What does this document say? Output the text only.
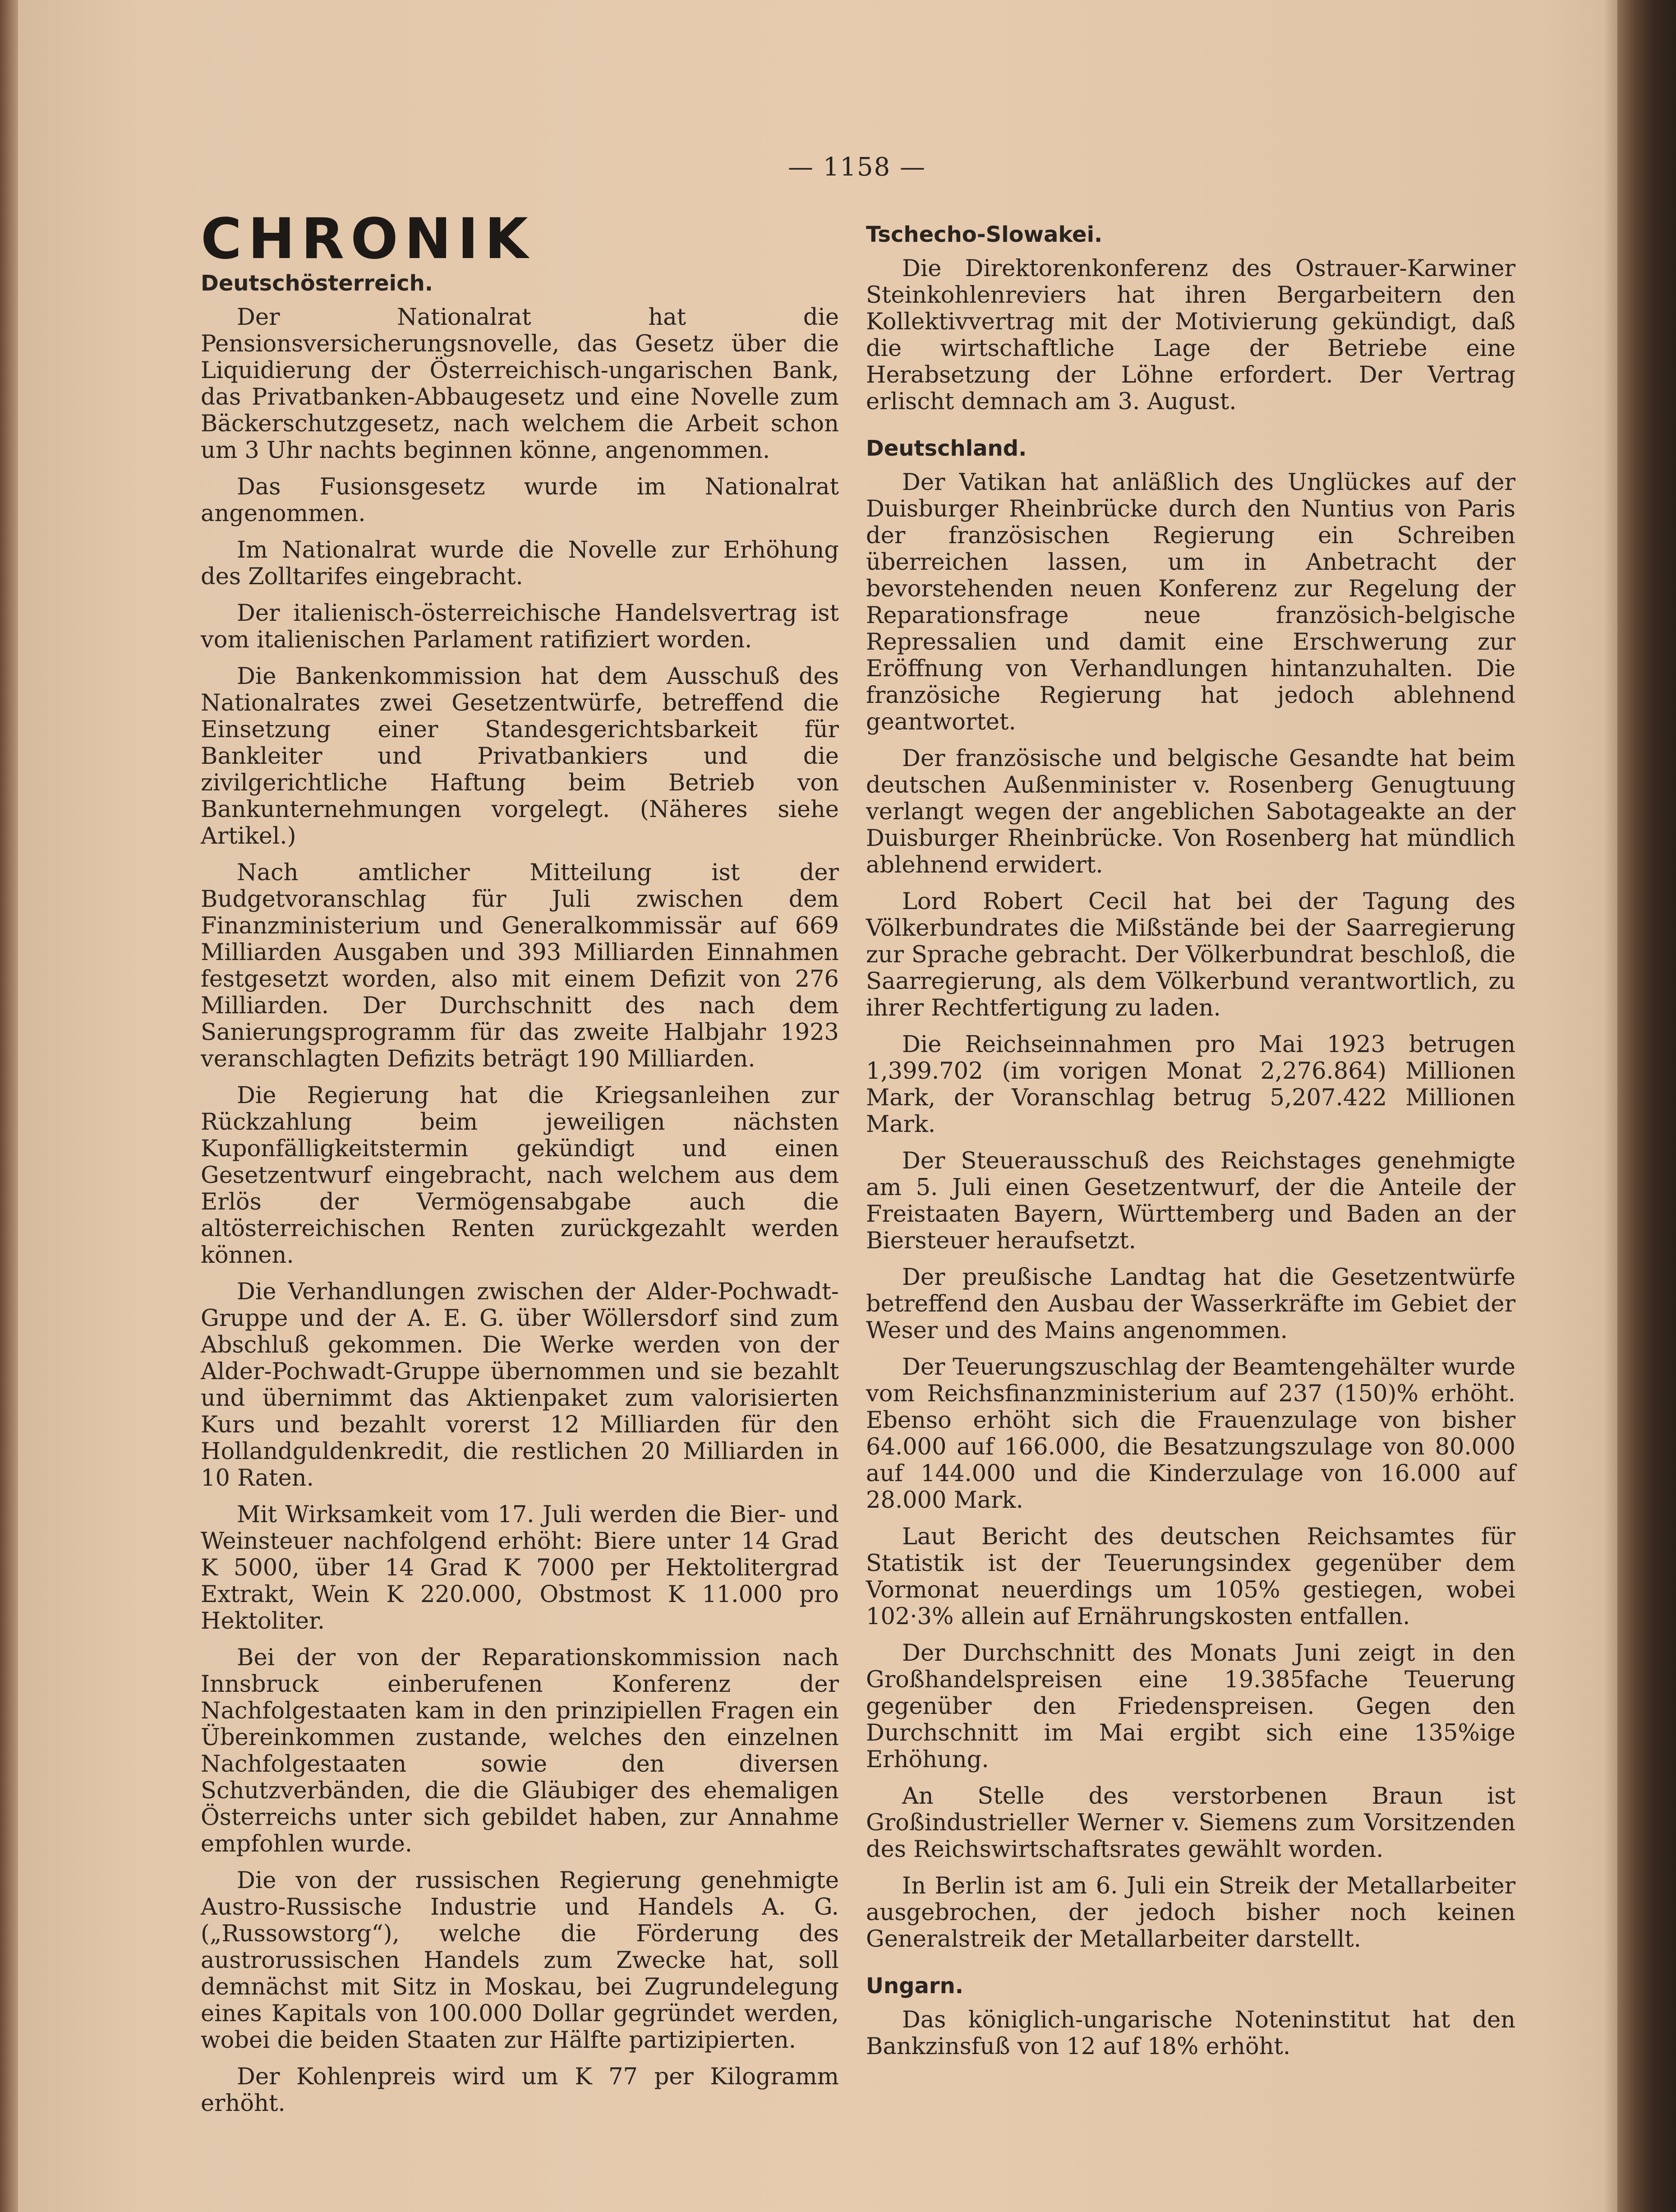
— 1158 —
CHRONIK
Deutschösterreich.

Der Nationalrat hat die Pensionsversicherungsnovelle, das Gesetz über die Liquidierung der Österreichisch-ungarischen Bank, das Privatbanken-Abbaugesetz und eine Novelle zum Bäckerschutzgesetz, nach welchem die Arbeit schon um 3 Uhr nachts beginnen könne, angenommen.

Das Fusionsgesetz wurde im Nationalrat angenommen.

Im Nationalrat wurde die Novelle zur Erhöhung des Zolltarifes eingebracht.

Der italienisch-österreichische Handelsvertrag ist vom italienischen Parlament ratifiziert worden.

Die Bankenkommission hat dem Ausschuß des Nationalrates zwei Gesetzentwürfe, betreffend die Einsetzung einer Standesgerichtsbarkeit für Bankleiter und Privatbankiers und die zivilgerichtliche Haftung beim Betrieb von Bankunternehmungen vorgelegt. (Näheres siehe Artikel.)

Nach amtlicher Mitteilung ist der Budgetvoranschlag für Juli zwischen dem Finanzministerium und Generalkommissär auf 669 Milliarden Ausgaben und 393 Milliarden Einnahmen festgesetzt worden, also mit einem Defizit von 276 Milliarden. Der Durchschnitt des nach dem Sanierungsprogramm für das zweite Halbjahr 1923 veranschlagten Defizits beträgt 190 Milliarden.

Die Regierung hat die Kriegsanleihen zur Rückzahlung beim jeweiligen nächsten Kuponfälligkeitstermin gekündigt und einen Gesetzentwurf eingebracht, nach welchem aus dem Erlös der Vermögensabgabe auch die altösterreichischen Renten zurückgezahlt werden können.

Die Verhandlungen zwischen der Alder-Pochwadt-Gruppe und der A. E. G. über Wöllersdorf sind zum Abschluß gekommen. Die Werke werden von der Alder-Pochwadt-Gruppe übernommen und sie bezahlt und übernimmt das Aktienpaket zum valorisierten Kurs und bezahlt vorerst 12 Milliarden für den Hollandguldenkredit, die restlichen 20 Milliarden in 10 Raten.

Mit Wirksamkeit vom 17. Juli werden die Bier- und Weinsteuer nachfolgend erhöht: Biere unter 14 Grad K 5000, über 14 Grad K 7000 per Hektolitergrad Extrakt, Wein K 220.000, Obstmost K 11.000 pro Hektoliter.

Bei der von der Reparationskommission nach Innsbruck einberufenen Konferenz der Nachfolgestaaten kam in den prinzipiellen Fragen ein Übereinkommen zustande, welches den einzelnen Nachfolgestaaten sowie den diversen Schutzverbänden, die die Gläubiger des ehemaligen Österreichs unter sich gebildet haben, zur Annahme empfohlen wurde.

Die von der russischen Regierung genehmigte Austro-Russische Industrie und Handels A. G. („Russowstorg“), welche die Förderung des austrorussischen Handels zum Zwecke hat, soll demnächst mit Sitz in Moskau, bei Zugrundelegung eines Kapitals von 100.000 Dollar gegründet werden, wobei die beiden Staaten zur Hälfte partizipierten.

Der Kohlenpreis wird um K 77 per Kilogramm erhöht.

Tschecho-Slowakei.

Die Direktorenkonferenz des Ostrauer-Karwiner Steinkohlenreviers hat ihren Bergarbeitern den Kollektivvertrag mit der Motivierung gekündigt, daß die wirtschaftliche Lage der Betriebe eine Herabsetzung der Löhne erfordert. Der Vertrag erlischt demnach am 3. August.

Deutschland.

Der Vatikan hat anläßlich des Unglückes auf der Duisburger Rheinbrücke durch den Nuntius von Paris der französischen Regierung ein Schreiben überreichen lassen, um in Anbetracht der bevorstehenden neuen Konferenz zur Regelung der Reparationsfrage neue französich-belgische Repressalien und damit eine Erschwerung zur Eröffnung von Verhandlungen hintanzuhalten. Die französiche Regierung hat jedoch ablehnend geantwortet.

Der französische und belgische Gesandte hat beim deutschen Außenminister v. Rosenberg Genugtuung verlangt wegen der angeblichen Sabotageakte an der Duisburger Rheinbrücke. Von Rosenberg hat mündlich ablehnend erwidert.

Lord Robert Cecil hat bei der Tagung des Völkerbundrates die Mißstände bei der Saarregierung zur Sprache gebracht. Der Völkerbundrat beschloß, die Saarregierung, als dem Völkerbund verantwortlich, zu ihrer Rechtfertigung zu laden.

Die Reichseinnahmen pro Mai 1923 betrugen 1,399.702 (im vorigen Monat 2,276.864) Millionen Mark, der Voranschlag betrug 5,207.422 Millionen Mark.

Der Steuerausschuß des Reichstages genehmigte am 5. Juli einen Gesetzentwurf, der die Anteile der Freistaaten Bayern, Württemberg und Baden an der Biersteuer heraufsetzt.

Der preußische Landtag hat die Gesetzentwürfe betreffend den Ausbau der Wasserkräfte im Gebiet der Weser und des Mains angenommen.

Der Teuerungszuschlag der Beamtengehälter wurde vom Reichsfinanzministerium auf 237 (150)% erhöht. Ebenso erhöht sich die Frauenzulage von bisher 64.000 auf 166.000, die Besatzungszulage von 80.000 auf 144.000 und die Kinderzulage von 16.000 auf 28.000 Mark.

Laut Bericht des deutschen Reichsamtes für Statistik ist der Teuerungsindex gegenüber dem Vormonat neuerdings um 105% gestiegen, wobei 102·3% allein auf Ernährungskosten entfallen.

Der Durchschnitt des Monats Juni zeigt in den Großhandelspreisen eine 19.385fache Teuerung gegenüber den Friedenspreisen. Gegen den Durchschnitt im Mai ergibt sich eine 135%ige Erhöhung.

An Stelle des verstorbenen Braun ist Großindustrieller Werner v. Siemens zum Vorsitzenden des Reichswirtschaftsrates gewählt worden.

In Berlin ist am 6. Juli ein Streik der Metallarbeiter ausgebrochen, der jedoch bisher noch keinen Generalstreik der Metallarbeiter darstellt.

Ungarn.

Das königlich-ungarische Noteninstitut hat den Bankzinsfuß von 12 auf 18% erhöht.
